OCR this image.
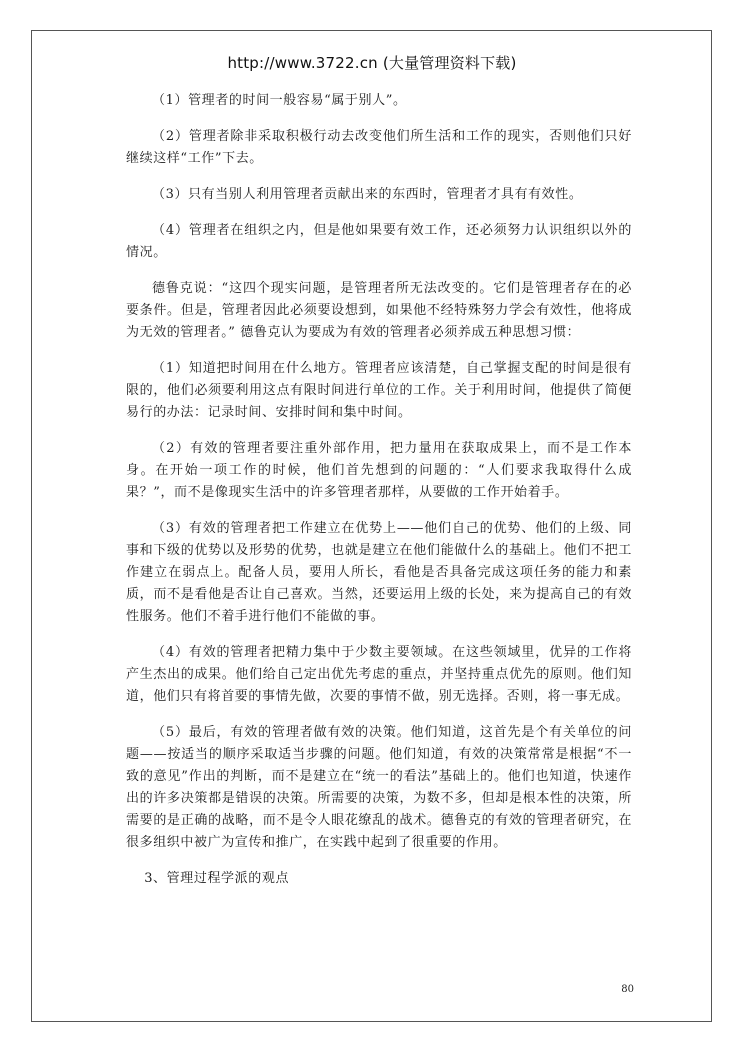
http://www.3722.cn (大量管理资料下载)

（1）管理者的时间一般容易“属于别人”。

（2）管理者除非采取积极行动去改变他们所生活和工作的现实，否则他们只好继续这样“工作”下去。

（3）只有当别人利用管理者贡献出来的东西时，管理者才具有有效性。

（4）管理者在组织之内，但是他如果要有效工作，还必须努力认识组织以外的情况。

德鲁克说：“这四个现实问题，是管理者所无法改变的。它们是管理者存在的必要条件。但是，管理者因此必须要设想到，如果他不经特殊努力学会有效性，他将成为无效的管理者。” 德鲁克认为要成为有效的管理者必须养成五种思想习惯：

（1）知道把时间用在什么地方。管理者应该清楚，自己掌握支配的时间是很有限的，他们必须要利用这点有限时间进行单位的工作。关于利用时间，他提供了简便易行的办法：记录时间、安排时间和集中时间。

（2）有效的管理者要注重外部作用，把力量用在获取成果上，而不是工作本身。在开始一项工作的时候，他们首先想到的问题的：“人们要求我取得什么成果？”，而不是像现实生活中的许多管理者那样，从要做的工作开始着手。

（3）有效的管理者把工作建立在优势上——他们自己的优势、他们的上级、同事和下级的优势以及形势的优势，也就是建立在他们能做什么的基础上。他们不把工作建立在弱点上。配备人员，要用人所长，看他是否具备完成这项任务的能力和素质，而不是看他是否让自己喜欢。当然，还要运用上级的长处，来为提高自己的有效性服务。他们不着手进行他们不能做的事。

（4）有效的管理者把精力集中于少数主要领域。在这些领域里，优异的工作将产生杰出的成果。他们给自己定出优先考虑的重点，并坚持重点优先的原则。他们知道，他们只有将首要的事情先做，次要的事情不做，别无选择。否则，将一事无成。

（5）最后，有效的管理者做有效的决策。他们知道，这首先是个有关单位的问题——按适当的顺序采取适当步骤的问题。他们知道，有效的决策常常是根据“不一致的意见”作出的判断，而不是建立在“统一的看法”基础上的。他们也知道，快速作出的许多决策都是错误的决策。所需要的决策，为数不多，但却是根本性的决策，所需要的是正确的战略，而不是令人眼花缭乱的战术。德鲁克的有效的管理者研究，在很多组织中被广为宣传和推广，在实践中起到了很重要的作用。

3、管理过程学派的观点
80
